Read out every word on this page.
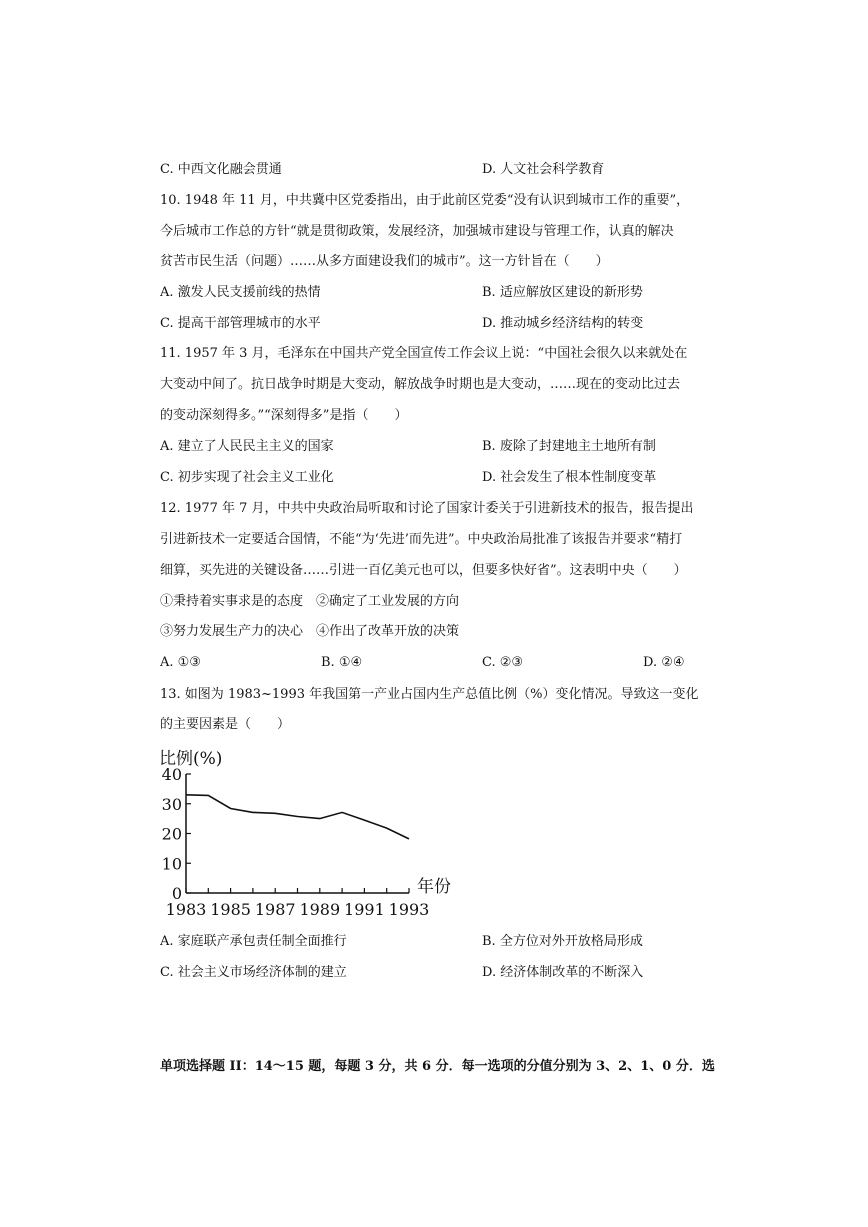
C. 中西文化融会贯通	D. 人文社会科学教育
10. 1948 年 11 月，中共冀中区党委指出，由于此前区党委“没有认识到城市工作的重要”，
今后城市工作总的方针“就是贯彻政策，发展经济，加强城市建设与管理工作，认真的解决
贫苦市民生活（问题）……从多方面建设我们的城市”。这一方针旨在（　　）
A. 激发人民支援前线的热情	B. 适应解放区建设的新形势
C. 提高干部管理城市的水平	D. 推动城乡经济结构的转变
11. 1957 年 3 月，毛泽东在中国共产党全国宣传工作会议上说：“中国社会很久以来就处在
大变动中间了。抗日战争时期是大变动，解放战争时期也是大变动，……现在的变动比过去
的变动深刻得多。”“深刻得多”是指（　　）
A. 建立了人民民主主义的国家	B. 废除了封建地主土地所有制
C. 初步实现了社会主义工业化	D. 社会发生了根本性制度变革
12. 1977 年 7 月，中共中央政治局听取和讨论了国家计委关于引进新技术的报告，报告提出
引进新技术一定要适合国情，不能“为‘先进’而先进”。中央政治局批准了该报告并要求“精打
细算，买先进的关键设备……引进一百亿美元也可以，但要多快好省”。这表明中央（　　）
①秉持着实事求是的态度　②确定了工业发展的方向
③努力发展生产力的决心　④作出了改革开放的决策
A. ①③	B. ①④	C. ②③	D. ②④
13. 如图为 1983~1993 年我国第一产业占国内生产总值比例（%）变化情况。导致这一变化
的主要因素是（　　）
比例(%)
年份
0
10
20
30
40
1983 1985 1987 1989 1991 1993
A. 家庭联产承包责任制全面推行	B. 全方位对外开放格局形成
C. 社会主义市场经济体制的建立	D. 经济体制改革的不断深入
单项选择题 II：14～15 题，每题 3 分，共 6 分．每一选项的分值分别为 3、2、1、0 分．选
